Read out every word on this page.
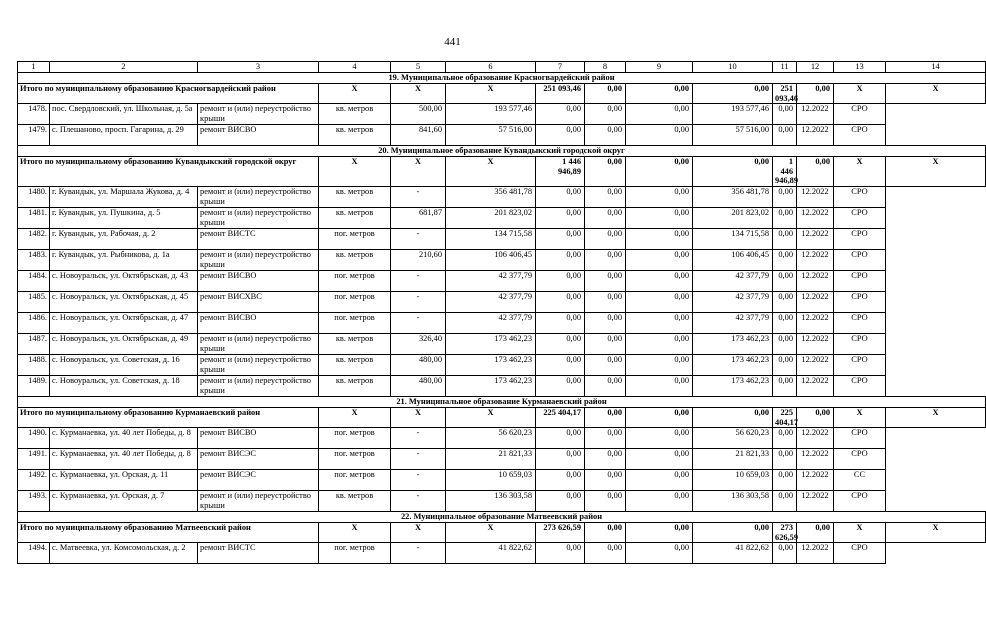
441
1	2	3	4	5	6	7	8	9	10	11	12	13	14
19. Муниципальное образование Красногвардейский район													
Итого по муниципальному образованию Красногвардейский район			Х	Х	Х	251 093,46	0,00	0,00	0,00	251 093,46	0,00	Х	Х
1478.	пос. Свердловский, ул. Школьная, д. 5а	ремонт и (или) переустройство крыши	кв. метров	500,00	193 577,46	0,00	0,00	0,00	193 577,46	0,00	12.2022	СРО	
1479.	с. Плешаново, просп. Гагарина, д. 29	ремонт ВИСВО	кв. метров	841,60	57 516,00	0,00	0,00	0,00	57 516,00	0,00	12.2022	СРО	
20. Муниципальное образование Кувандыкский городской округ													
Итого по муниципальному образованию Кувандыкский городской округ			Х	Х	Х	1 446 946,89	0,00	0,00	0,00	1 446 946,89	0,00	Х	Х
1480.	г. Кувандык, ул. Маршала Жукова, д. 4	ремонт и (или) переустройство крыши	кв. метров	-	356 481,78	0,00	0,00	0,00	356 481,78	0,00	12.2022	СРО	
1481.	г. Кувандык, ул. Пушкина, д. 5	ремонт и (или) переустройство крыши	кв. метров	681,87	201 823,02	0,00	0,00	0,00	201 823,02	0,00	12.2022	СРО	
1482.	г. Кувандык, ул. Рабочая, д. 2	ремонт ВИСТС	пог. метров	-	134 715,58	0,00	0,00	0,00	134 715,58	0,00	12.2022	СРО	
1483.	г. Кувандык, ул. Рыбникова, д. 1а	ремонт и (или) переустройство крыши	кв. метров	210,60	106 406,45	0,00	0,00	0,00	106 406,45	0,00	12.2022	СРО	
1484.	с. Новоуральск, ул. Октябрьская, д. 43	ремонт ВИСВО	пог. метров	-	42 377,79	0,00	0,00	0,00	42 377,79	0,00	12.2022	СРО	
1485.	с. Новоуральск, ул. Октябрьская, д. 45	ремонт ВИСХВС	пог. метров	-	42 377,79	0,00	0,00	0,00	42 377,79	0,00	12.2022	СРО	
1486.	с. Новоуральск, ул. Октябрьская, д. 47	ремонт ВИСВО	пог. метров	-	42 377,79	0,00	0,00	0,00	42 377,79	0,00	12.2022	СРО	
1487.	с. Новоуральск, ул. Октябрьская, д. 49	ремонт и (или) переустройство крыши	кв. метров	326,40	173 462,23	0,00	0,00	0,00	173 462,23	0,00	12.2022	СРО	
1488.	с. Новоуральск, ул. Советская, д. 16	ремонт и (или) переустройство крыши	кв. метров	480,00	173 462,23	0,00	0,00	0,00	173 462,23	0,00	12.2022	СРО	
1489.	с. Новоуральск, ул. Советская, д. 18	ремонт и (или) переустройство крыши	кв. метров	480,00	173 462,23	0,00	0,00	0,00	173 462,23	0,00	12.2022	СРО	
21. Муниципальное образование Курманаевский район													
Итого по муниципальному образованию Курманаевский район			Х	Х	Х	225 404,17	0,00	0,00	0,00	225 404,17	0,00	Х	Х
1490.	с. Курманаевка, ул. 40 лет Победы, д. 8	ремонт ВИСВО	пог. метров	-	56 620,23	0,00	0,00	0,00	56 620,23	0,00	12.2022	СРО	
1491.	с. Курманаевка, ул. 40 лет Победы, д. 8	ремонт ВИСЭС	пог. метров	-	21 821,33	0,00	0,00	0,00	21 821,33	0,00	12.2022	СРО	
1492.	с. Курманаевка, ул. Орская, д. 11	ремонт ВИСЭС	пог. метров	-	10 659,03	0,00	0,00	0,00	10 659,03	0,00	12.2022	СС	
1493.	с. Курманаевка, ул. Орская, д. 7	ремонт и (или) переустройство крыши	кв. метров	-	136 303,58	0,00	0,00	0,00	136 303,58	0,00	12.2022	СРО	
22. Муниципальное образование Матвеевский район													
Итого по муниципальному образованию Матвеевский район			Х	Х	Х	273 626,59	0,00	0,00	0,00	273 626,59	0,00	Х	Х
1494.	с. Матвеевка, ул. Комсомольская, д. 2	ремонт ВИСТС	пог. метров	-	41 822,62	0,00	0,00	0,00	41 822,62	0,00	12.2022	СРО	
